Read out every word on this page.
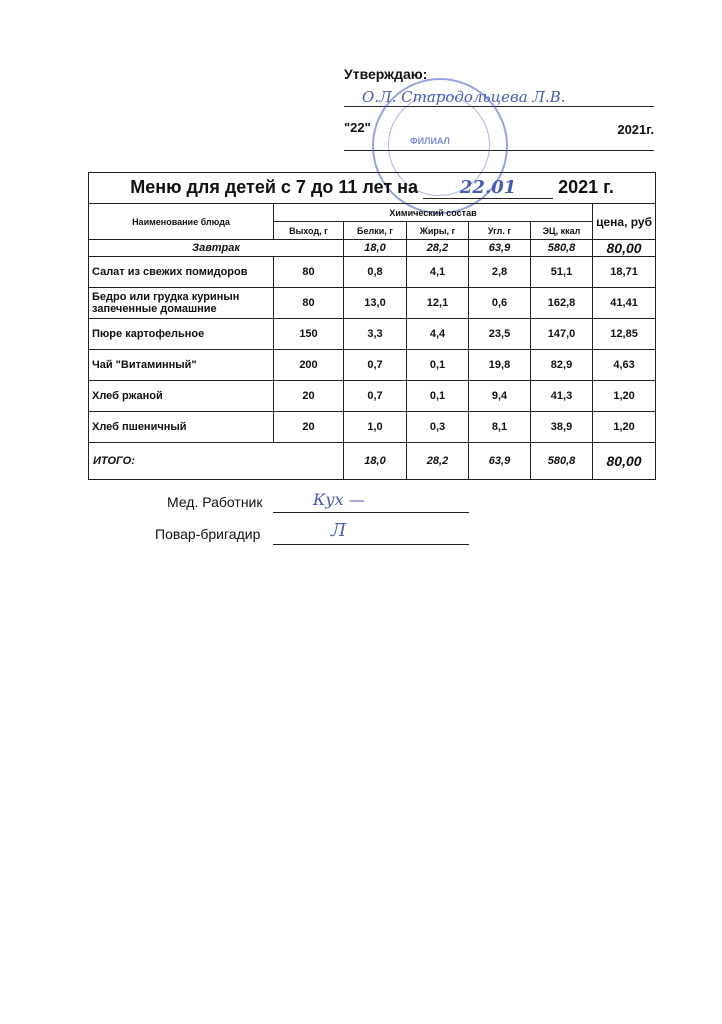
Утверждаю:
О.Л. Стародольцева Л.В.
"22"	2021г.
ФИЛИАЛ
Меню для детей с 7 до 11 лет на 22.01 2021 г.						
Наименование блюда	Химический состав					цена, руб
	Выход, г	Белки, г	Жиры, г	Угл. г	ЭЦ, ккал	
Завтрак		18,0	28,2	63,9	580,8	80,00
Салат из свежих помидоров	80	0,8	4,1	2,8	51,1	18,71
Бедро или грудка куринын запеченные домашние	80	13,0	12,1	0,6	162,8	41,41
Пюре картофельное	150	3,3	4,4	23,5	147,0	12,85
Чай "Витаминный"	200	0,7	0,1	19,8	82,9	4,63
Хлеб ржаной	20	0,7	0,1	9,4	41,3	1,20
Хлеб пшеничный	20	1,0	0,3	8,1	38,9	1,20
ИТОГО:		18,0	28,2	63,9	580,8	80,00
Мед. Работник	Кух —
Повар-бригадир	Л
